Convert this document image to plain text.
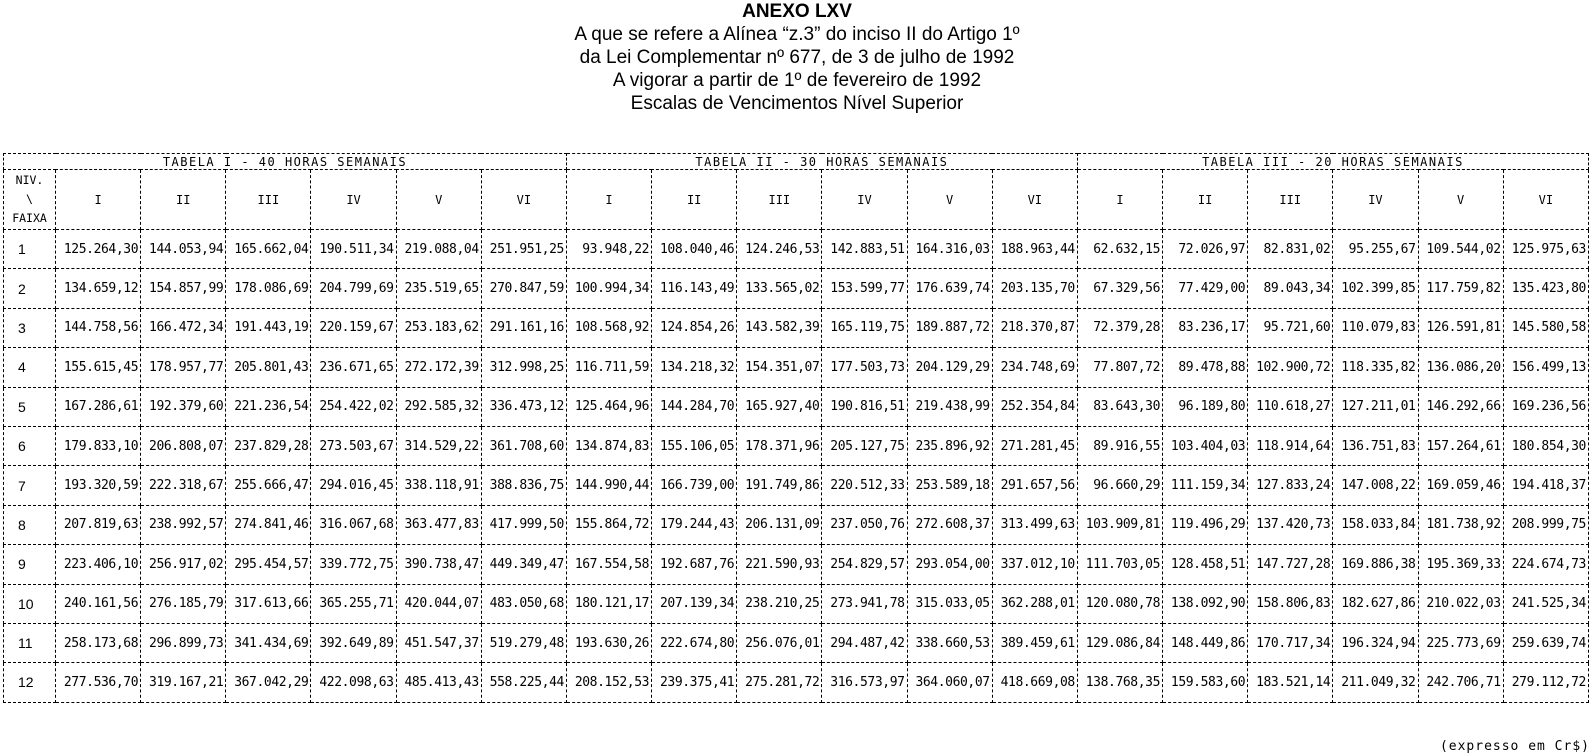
ANEXO LXV
A que se refere a Alínea “z.3” do inciso II do Artigo 1º
da Lei Complementar nº 677, de 3 de julho de 1992
A vigorar a partir de 1º de fevereiro de 1992
Escalas de Vencimentos Nível Superior
TABELA I - 40 HORAS SEMANAIS							TABELA II - 30 HORAS SEMANAIS						TABELA III - 20 HORAS SEMANAIS					

NIV.
\
FAIXA	I	II	III	IV	V	VI	I	II	III	IV	V	VI	I	II	III	IV	V	VI
1	125.264,30	144.053,94	165.662,04	190.511,34	219.088,04	251.951,25	93.948,22	108.040,46	124.246,53	142.883,51	164.316,03	188.963,44	62.632,15	72.026,97	82.831,02	95.255,67	109.544,02	125.975,63
2	134.659,12	154.857,99	178.086,69	204.799,69	235.519,65	270.847,59	100.994,34	116.143,49	133.565,02	153.599,77	176.639,74	203.135,70	67.329,56	77.429,00	89.043,34	102.399,85	117.759,82	135.423,80
3	144.758,56	166.472,34	191.443,19	220.159,67	253.183,62	291.161,16	108.568,92	124.854,26	143.582,39	165.119,75	189.887,72	218.370,87	72.379,28	83.236,17	95.721,60	110.079,83	126.591,81	145.580,58
4	155.615,45	178.957,77	205.801,43	236.671,65	272.172,39	312.998,25	116.711,59	134.218,32	154.351,07	177.503,73	204.129,29	234.748,69	77.807,72	89.478,88	102.900,72	118.335,82	136.086,20	156.499,13
5	167.286,61	192.379,60	221.236,54	254.422,02	292.585,32	336.473,12	125.464,96	144.284,70	165.927,40	190.816,51	219.438,99	252.354,84	83.643,30	96.189,80	110.618,27	127.211,01	146.292,66	169.236,56
6	179.833,10	206.808,07	237.829,28	273.503,67	314.529,22	361.708,60	134.874,83	155.106,05	178.371,96	205.127,75	235.896,92	271.281,45	89.916,55	103.404,03	118.914,64	136.751,83	157.264,61	180.854,30
7	193.320,59	222.318,67	255.666,47	294.016,45	338.118,91	388.836,75	144.990,44	166.739,00	191.749,86	220.512,33	253.589,18	291.657,56	96.660,29	111.159,34	127.833,24	147.008,22	169.059,46	194.418,37
8	207.819,63	238.992,57	274.841,46	316.067,68	363.477,83	417.999,50	155.864,72	179.244,43	206.131,09	237.050,76	272.608,37	313.499,63	103.909,81	119.496,29	137.420,73	158.033,84	181.738,92	208.999,75
9	223.406,10	256.917,02	295.454,57	339.772,75	390.738,47	449.349,47	167.554,58	192.687,76	221.590,93	254.829,57	293.054,00	337.012,10	111.703,05	128.458,51	147.727,28	169.886,38	195.369,33	224.674,73
10	240.161,56	276.185,79	317.613,66	365.255,71	420.044,07	483.050,68	180.121,17	207.139,34	238.210,25	273.941,78	315.033,05	362.288,01	120.080,78	138.092,90	158.806,83	182.627,86	210.022,03	241.525,34
11	258.173,68	296.899,73	341.434,69	392.649,89	451.547,37	519.279,48	193.630,26	222.674,80	256.076,01	294.487,42	338.660,53	389.459,61	129.086,84	148.449,86	170.717,34	196.324,94	225.773,69	259.639,74
12	277.536,70	319.167,21	367.042,29	422.098,63	485.413,43	558.225,44	208.152,53	239.375,41	275.281,72	316.573,97	364.060,07	418.669,08	138.768,35	159.583,60	183.521,14	211.049,32	242.706,71	279.112,72
(expresso em Cr$)
